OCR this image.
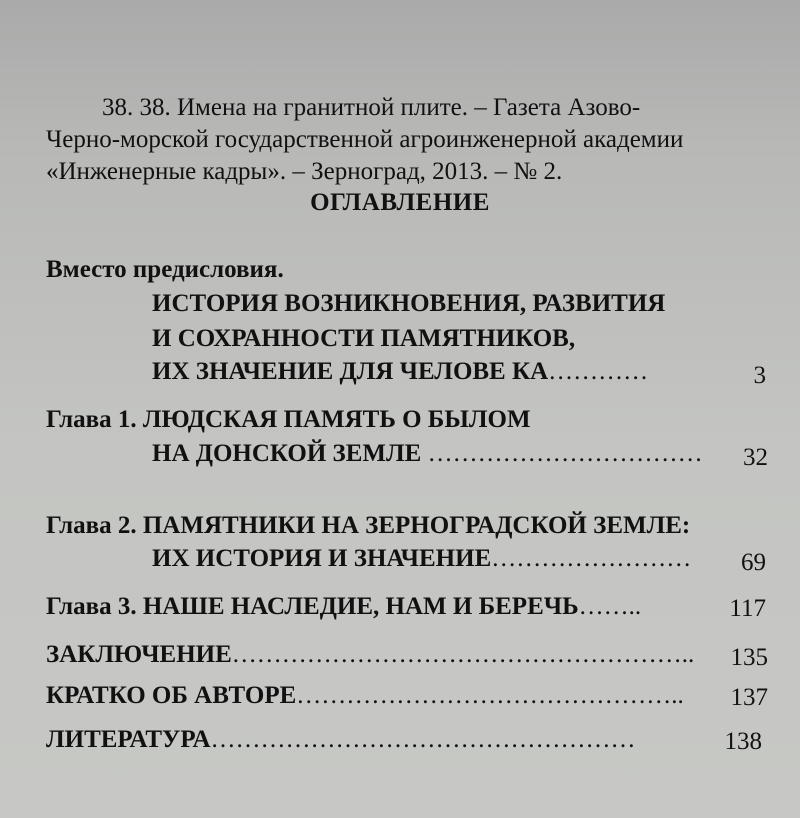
38. 38. Имена на гранитной плите. – Газета Азово-
Черно-морской государственной агроинженерной академии
«Инженерные кадры». – Зерноград, 2013. – № 2.
ОГЛАВЛЕНИЕ
Вместо предисловия.
ИСТОРИЯ ВОЗНИКНОВЕНИЯ, РАЗВИТИЯ
И СОХРАННОСТИ ПАМЯТНИКОВ,
ИХ ЗНАЧЕНИЕ ДЛЯ ЧЕЛОВЕ КА…………	3
Глава 1. ЛЮДСКАЯ ПАМЯТЬ О БЫЛОМ
НА ДОНСКОЙ ЗЕМЛЕ ……………………………	32
Глава 2. ПАМЯТНИКИ НА ЗЕРНОГРАДСКОЙ ЗЕМЛЕ:
ИХ ИСТОРИЯ И ЗНАЧЕНИЕ……………………	69
Глава 3. НАШЕ НАСЛЕДИЕ, НАМ И БЕРЕЧЬ……..	117
ЗАКЛЮЧЕНИЕ………………………………………………..	135
КРАТКО ОБ АВТОРЕ………………………………………..	137
ЛИТЕРАТУРА……………………………………………	138
